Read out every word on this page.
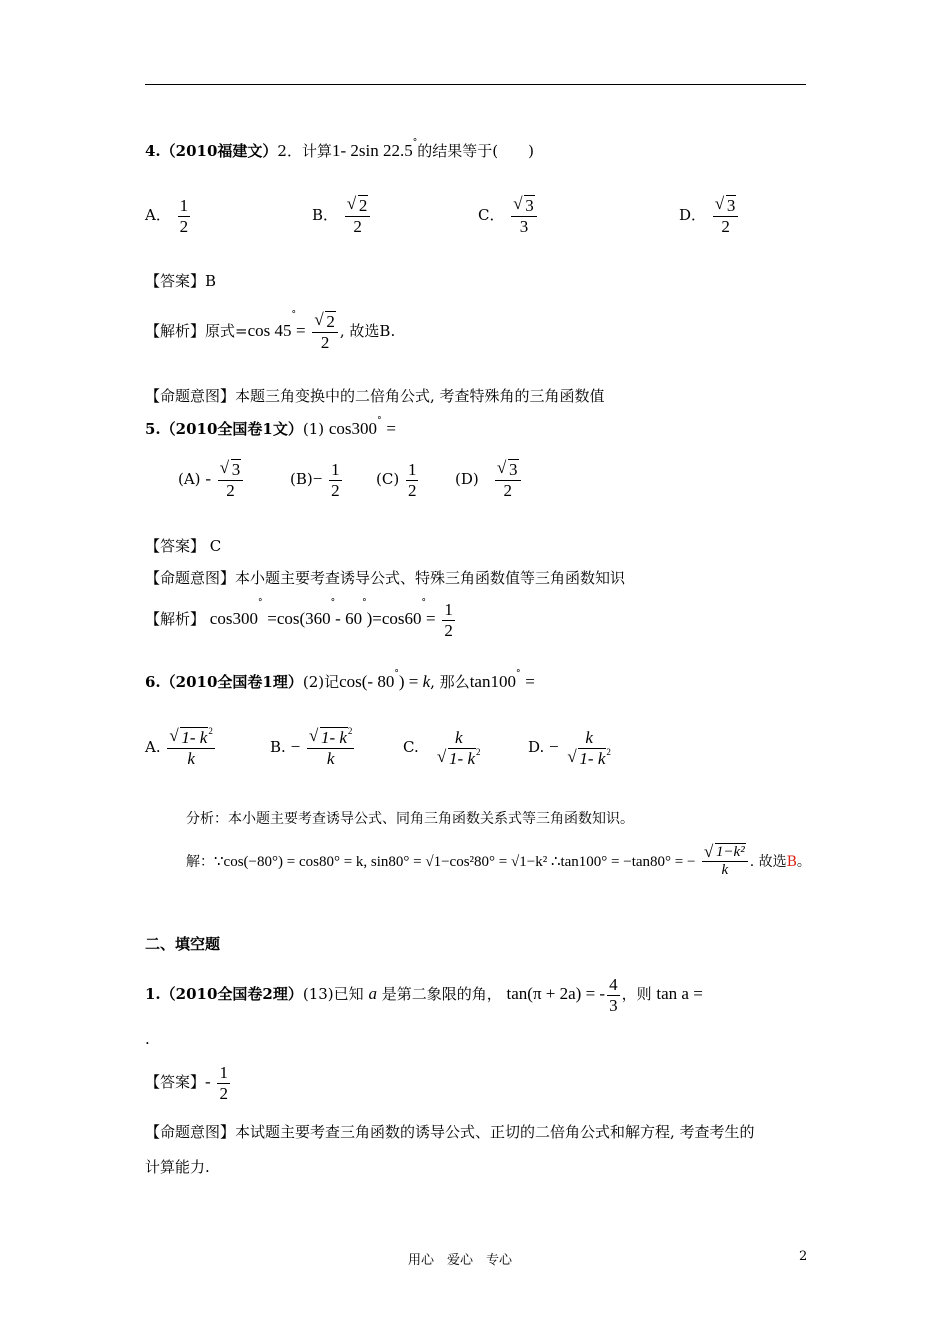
4.（2010福建文）2．计算1- 2sin 22.5°的结果等于(　　)
A． $\frac{1}{2}$	B． √ $\frac{2}{2}$	C． √ $\frac{3}{3}$	D． √ $\frac{3}{2}$
【答案】B
【解析】原式=cos 45°= √ $\frac{2}{2}$ , 故选B.
【命题意图】本题三角变换中的二倍角公式, 考查特殊角的三角函数值
5.（2010全国卷1文）(1) cos300° =
(A) - √ $\frac{3}{2}$	$(B)- \frac{1}{2} (C) \frac{1}{2} (D)$ √ $\frac{3}{2}$
【答案】 C
【命题意图】本小题主要考查诱导公式、特殊三角函数值等三角函数知识
【解析】 cos300° =cos(360°- $60^\circ)=\cos 60^\circ= \frac{1}{2}$
6.（2010全国卷1理）(2)记cos(- 80°) = k, 那么tan100° =
A. √ $\frac{1- k^2}{k}$	B. − √ $\frac{1- k^2}{k}$	C. k
√ 1- $k^2$	D. − k
√ 1- $k^2$
分析：本小题主要考查诱导公式、同角三角函数关系式等三角函数知识。
解：∵cos(−80°) = cos80° = k, sin80° = √1−cos²80° = √1−k² ∴tan100° = −tan80° = − √ $\frac{\text{1−k²}}{k}$ . 故选B。
二、填空题
1.（2010全国卷2理）(13)已知 a 是第二象限的角， tan(π + 2a) = - $\frac{4}{3}$ ，则 tan a =
.
【答案】- $\frac{1}{2}$
【命题意图】本试题主要考查三角函数的诱导公式、正切的二倍角公式和解方程, 考查考生的
计算能力.
用心　爱心　专心	2
